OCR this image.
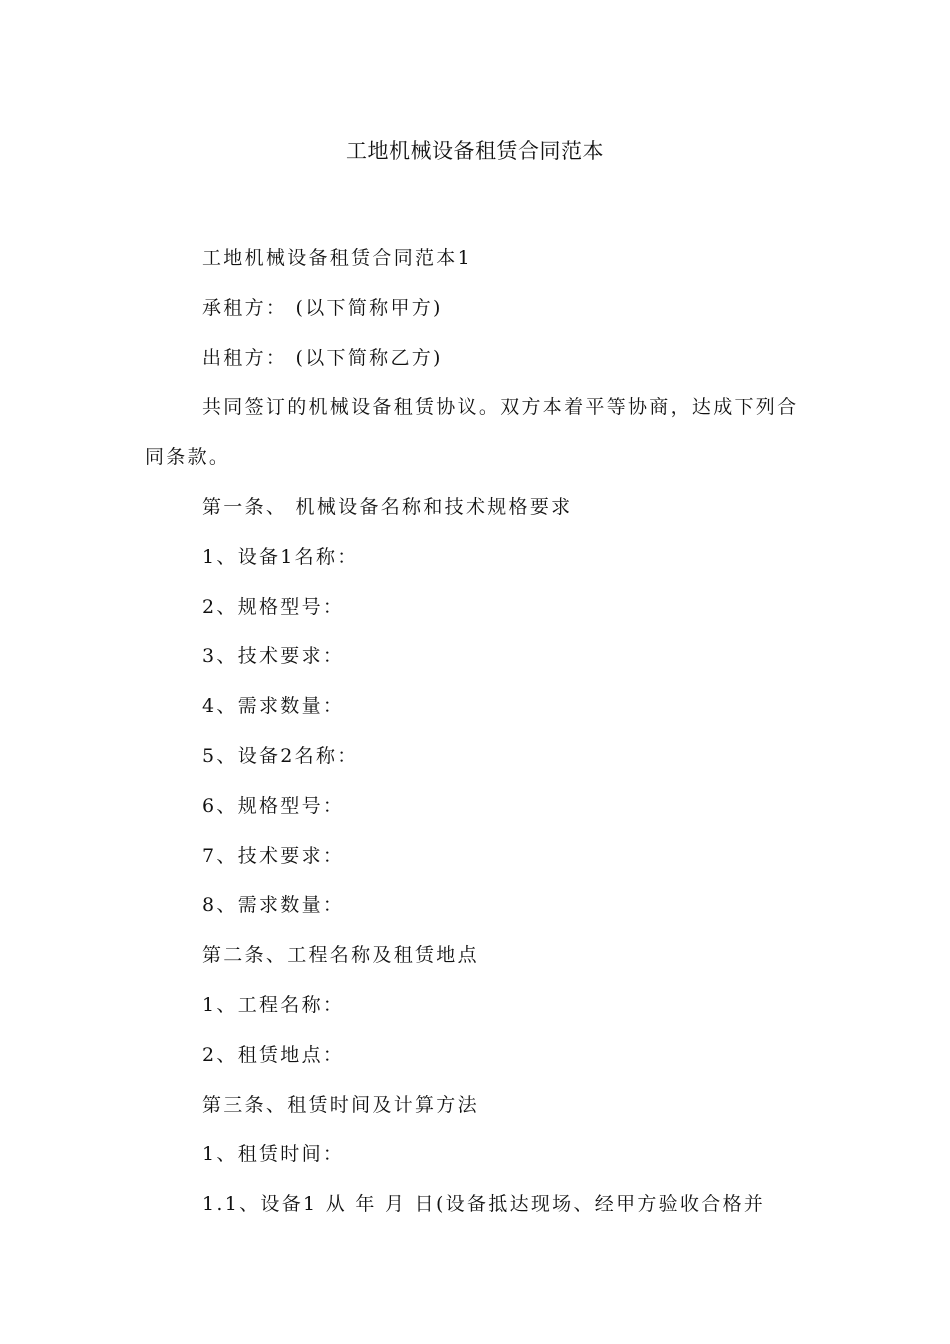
工地机械设备租赁合同范本

工地机械设备租赁合同范本1

承租方： (以下简称甲方)

出租方： (以下简称乙方)

共同签订的机械设备租赁协议。双方本着平等协商，达成下列合同条款。

第一条、 机械设备名称和技术规格要求

1、设备1名称：

2、规格型号：

3、技术要求：

4、需求数量：

5、设备2名称：

6、规格型号：

7、技术要求：

8、需求数量：

第二条、工程名称及租赁地点

1、工程名称：

2、租赁地点：

第三条、租赁时间及计算方法

1、租赁时间：

1.1、设备1 从 年 月 日(设备抵达现场、经甲方验收合格并
